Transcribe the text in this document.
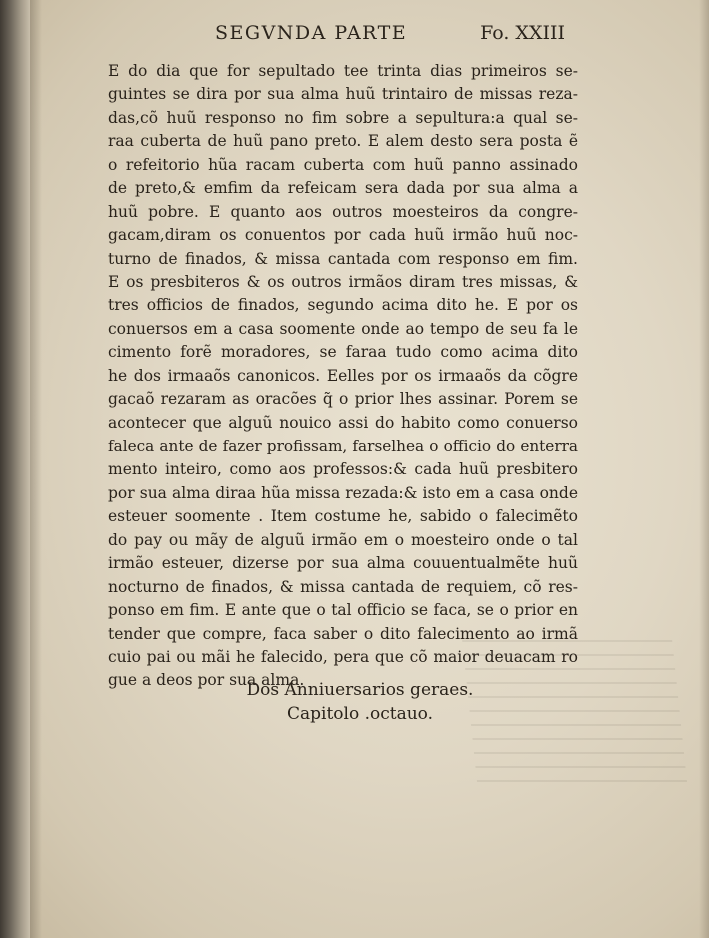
SEGVNDA PARTE	Fo. XXIII
E do dia que for sepultado tee trinta dias primeiros se-
guintes se dira por sua alma huũ trintairo de missas reza-
das,cõ huũ responso no fim sobre a sepultura:a qual se-
raa cuberta de huũ pano preto. E alem desto sera posta ẽ
o refeitorio hũa racam cuberta com huũ panno assinado
de preto,& emfim da refeicam sera dada por sua alma a
huũ pobre. E quanto aos outros moesteiros da congre-
gacam,diram os conuentos por cada huũ irmão huũ noc-
turno de finados, & missa cantada com responso em fim.
E os presbiteros & os outros irmãos diram tres missas, &
tres officios de finados, segundo acima dito he. E por os
conuersos em a casa soomente onde ao tempo de seu fa le
cimento forẽ moradores, se faraa tudo como acima dito
he dos irmaaõs canonicos. Eelles por os irmaaõs da cõgre
gacaõ rezaram as oracões q̃ o prior lhes assinar. Porem se
acontecer que alguũ nouico assi do habito como conuerso
faleca ante de fazer profissam, farselhea o officio do enterra
mento inteiro, como aos professos:& cada huũ presbitero
por sua alma diraa hũa missa rezada:& isto em a casa onde
esteuer soomente . Item costume he, sabido o falecimẽto
do pay ou mãy de alguũ irmão em o moesteiro onde o tal
irmão esteuer, dizerse por sua alma couuentualmẽte huũ
nocturno de finados, & missa cantada de requiem, cõ res-
ponso em fim. E ante que o tal officio se faca, se o prior en
tender que compre, faca saber o dito falecimento ao irmã
cuio pai ou mãi he falecido, pera que cõ maior deuacam ro
gue a deos por sua alma.
Dos Anniuersarios geraes.
Capitolo .octauo.
